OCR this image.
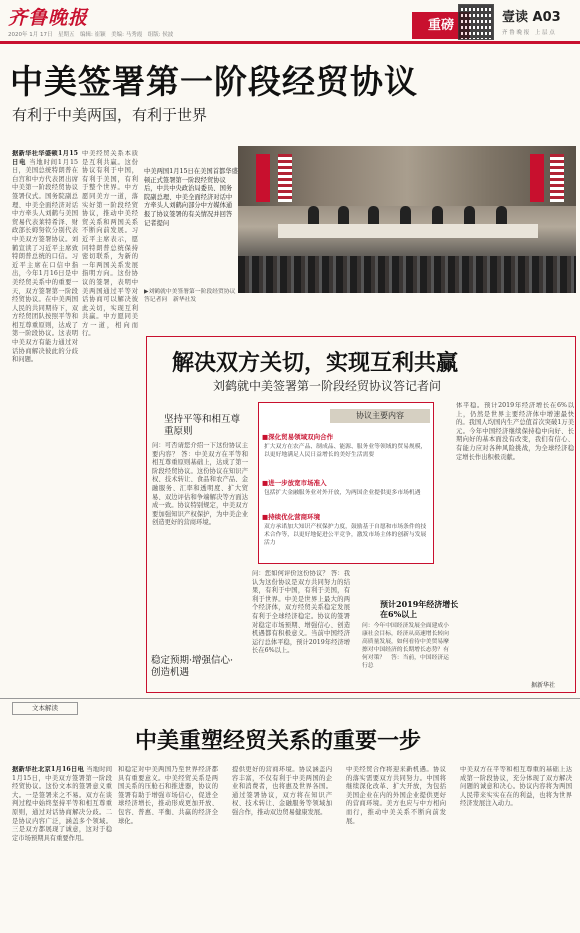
齐鲁晚报
2020年 1月 17日　星期五　编辑: 崔颖　美编: 马秀霞　组版: 侯波
重磅
壹读 A03
齐 鲁 晚 报　上 层 点
中美签署第一阶段经贸协议
有利于中美两国，有利于世界
据新华社华盛顿1月15日电 当地时间1月15日，美国总统特朗普在白宫和中方代表团出席中美第一阶段经贸协议签署仪式。国务院副总理、中美全面经济对话中方牵头人刘鹤与美国贸易代表莱特希泽、财政部长姆努钦分别代表中美双方签署协议。刘鹤宣读了习近平主席致特朗普总统的口信。习近平主席在口信中指出，今年1月16日是中美经贸关系中的重要一天，双方签署第一阶段经贸协议。在中美两国人民的共同期待下，双方经贸团队按照平等和相互尊重原则，达成了第一阶段协议。这表明中美双方有能力通过对话协商解决彼此的分歧和问题。
中美经贸关系本质是互利共赢。这份协议有利于中国，有利于美国，有利于整个世界。中方愿同美方一道，落实好第一阶段经贸协议，推动中美经贸关系和两国关系不断向前发展。习近平主席表示，愿同特朗普总统保持密切联系，为新的一年两国关系发展指明方向。这份协议的签署，表明中美两国通过平等对话协商可以解决彼此关切，实现互利共赢。中方愿同美方一道，相向而行。
中美两国1月15日在美国首都华盛顿正式签署第一阶段经贸协议后，中共中央政治局委员、国务院副总理、中美全面经济对话中方牵头人刘鹤向部分中方媒体通报了协议签署的有关情况并回答记者提问
▶刘鹤就中美签署第一阶段经贸协议答记者问　新华社发
解决双方关切，实现互利共赢
刘鹤就中美签署第一阶段经贸协议答记者问
坚持平等和相互尊重原则
问：可否请您介绍一下这份协议主要内容？ 答：中美双方在平等和相互尊重原则基础上，达成了第一阶段经贸协议。这份协议在知识产权、技术转让、食品和农产品、金融服务、汇率和透明度、扩大贸易、双边评估和争端解决等方面达成一致。协议特别规定，中美双方要加强知识产权保护，为中美企业创造更好的营商环境。
稳定预期·增强信心·创造机遇
协议主要内容
■深化贸易领域双向合作
扩大双方在农产品、制成品、能源、服务业等领域的贸易规模，以更好地满足人民日益增长的美好生活需要
■进一步放宽市场准入
包括扩大金融服务业对外开放，为两国企业提供更多市场机遇
■持续优化营商环境
双方承诺加大知识产权保护力度，鼓励基于自愿和市场条件的技术合作等，以更好地促进公平竞争，激发市场主体的创新与发展活力
问：您如何评价这份协议？ 答：我认为这份协议是双方共同努力的结果，有利于中国，有利于美国，有利于世界。中美是世界上最大的两个经济体，双方经贸关系稳定发展有利于全球经济稳定。协议的签署对稳定市场预期、增强信心、创造机遇都有积极意义。当前中国经济运行总体平稳，预计2019年经济增长在6%以上。
预计2019年经济增长在6%以上
问：今年中国经济发展全面建成小康社会目标，经济从高速增长转向高质量发展，如何看待中美贸易摩擦对中国经济的长期增长态势？有何对策？　答：当前，中国经济运行总
体平稳。预计2019年经济增长在6%以上，仍然是世界主要经济体中增速最快的。我国人均国内生产总值首次突破1万美元。今年中国经济继续保持稳中向好、长期向好的基本面没有改变，我们有信心、有能力应对各种风险挑战，为全球经济稳定增长作出积极贡献。
据新华社
文本解读
中美重塑经贸关系的重要一步
据新华社北京1月16日电 当地时间1月15日，中美双方签署第一阶段经贸协议。这份文本的签署意义重大。一是签署来之不易。双方在谈判过程中始终坚持平等和相互尊重原则，通过对话协商解决分歧。二是协议内容广泛，涵盖多个领域。三是双方都展现了诚意，这对于稳定市场预期具有重要作用。
和稳定对中美两国乃至世界经济都具有重要意义。中美经贸关系是两国关系的压舱石和推进器，协议的签署有助于增强市场信心，促进全球经济增长，推动形成更加开放、包容、普惠、平衡、共赢的经济全球化。
提供更好的营商环境。协议涵盖内容丰富，不仅有利于中美两国的企业和消费者，也将惠及世界各国。通过签署协议，双方将在知识产权、技术转让、金融服务等领域加强合作，推动双边贸易健康发展。
中美经贸合作将迎来新机遇。协议的落实需要双方共同努力。中国将继续深化改革、扩大开放，为包括美国企业在内的外国企业提供更好的营商环境。美方也应与中方相向而行，推动中美关系不断向前发展。
中美双方在平等和相互尊重的基础上达成第一阶段协议，充分体现了双方解决问题的诚意和决心。协议内容将为两国人民带来实实在在的利益，也将为世界经济发展注入动力。
